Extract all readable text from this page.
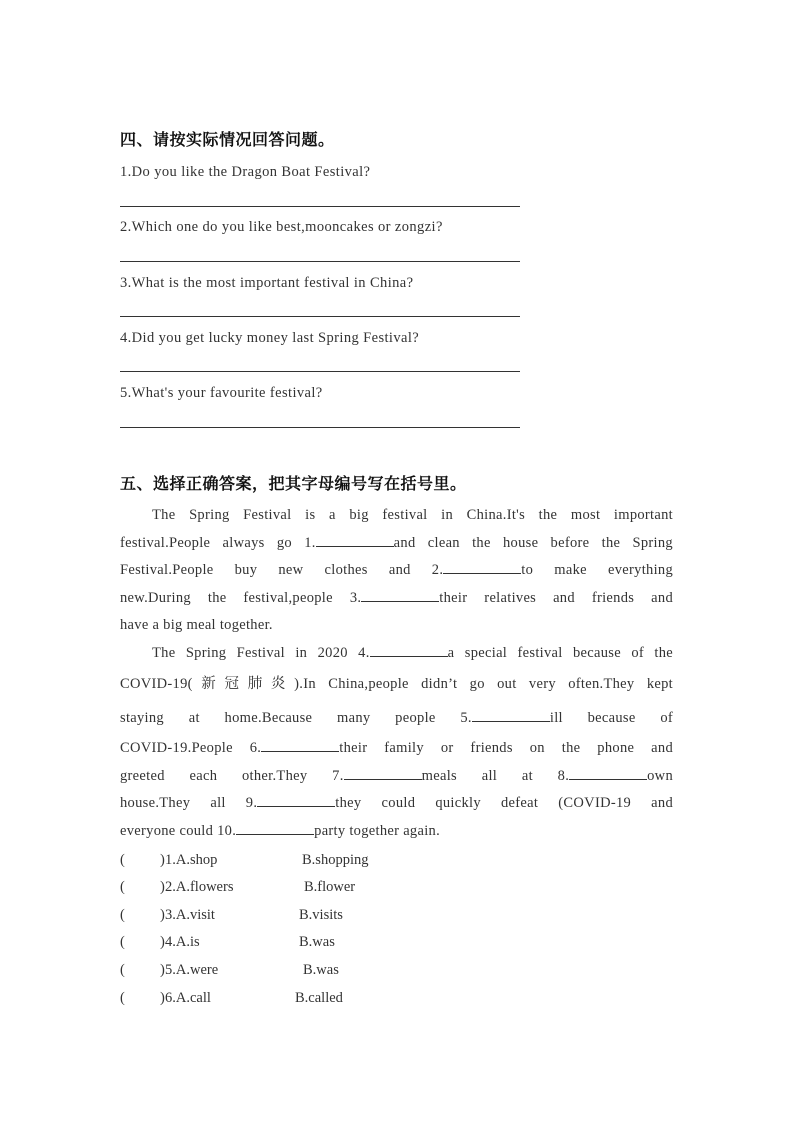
四、请按实际情况回答问题。
1.Do you like the Dragon Boat Festival?
2.Which one do you like best,mooncakes or zongzi?
3.What is the most important festival in China?
4.Did you get lucky money last Spring Festival?
5.What's your favourite festival?
五、选择正确答案，把其字母编号写在括号里。
The Spring Festival is a big festival in China.It's the most important
festival.People always go 1.	and clean the house before the Spring
Festival.People buy new clothes and 2.	to make everything
new.During the festival,people 3.	their relatives and friends and
have a big meal together.
The Spring Festival in 2020 4.	a special festival because of the
COVID-19(新冠肺炎).In China,people didn’t go out very often.They kept
staying at home.Because many people 5.	ill because of
COVID-19.People 6.	their family or friends on the phone and
greeted each other.They 7.	meals all at 8.	own
house.They all 9.	they could quickly defeat (COVID-19 and
everyone could 10.	party together again.
( ) 1.A.shop	B.shopping
( ) 2.A.flowers	B.flower
( ) 3.A.visit	B.visits
( ) 4.A.is	B.was
( ) 5.A.were	B.was
( ) 6.A.call	B.called
